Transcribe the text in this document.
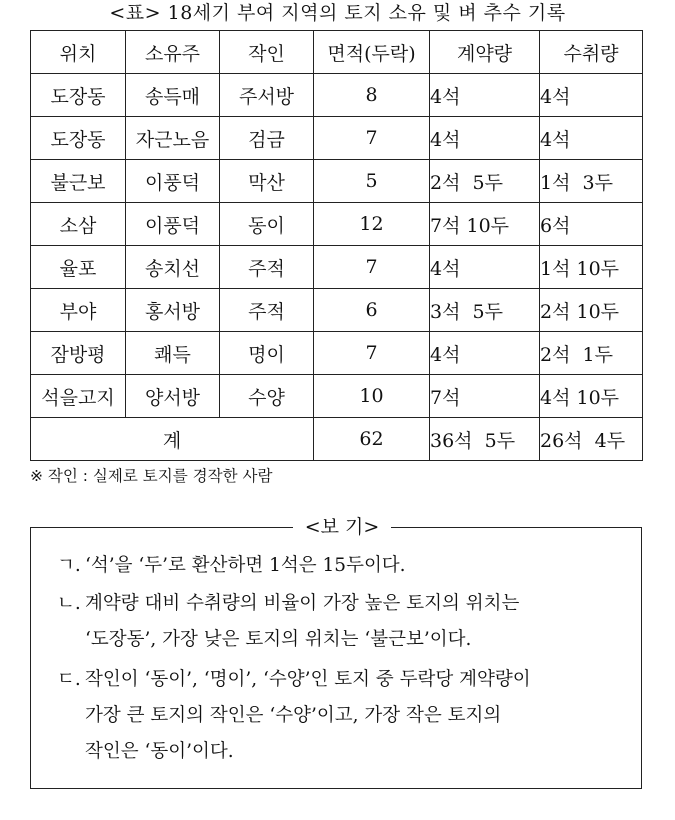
<표> 18세기 부여 지역의 토지 소유 및 벼 추수 기록
위치	소유주	작인	면적(두락)	계약량	수취량
도장동	송득매	주서방	8	4석	4석
도장동	자근노음	검금	7	4석	4석
불근보	이풍덕	막산	5	2석  5두	1석  3두
소삼	이풍덕	동이	12	7석 10두	6석
율포	송치선	주적	7	4석	1석 10두
부야	홍서방	주적	6	3석  5두	2석 10두
잠방평	쾌득	명이	7	4석	2석  1두
석을고지	양서방	수양	10	7석	4석 10두
계			62	36석  5두	26석  4두
※ 작인 : 실제로 토지를 경작한 사람
<보 기>
ㄱ. ‘석’을 ‘두’로 환산하면 1석은 15두이다.
ㄴ. 계약량 대비 수취량의 비율이 가장 높은 토지의 위치는
‘도장동’, 가장 낮은 토지의 위치는 ‘불근보’이다.
ㄷ. 작인이 ‘동이’, ‘명이’, ‘수양’인 토지 중 두락당 계약량이
가장 큰 토지의 작인은 ‘수양’이고, 가장 작은 토지의
작인은 ‘동이’이다.
